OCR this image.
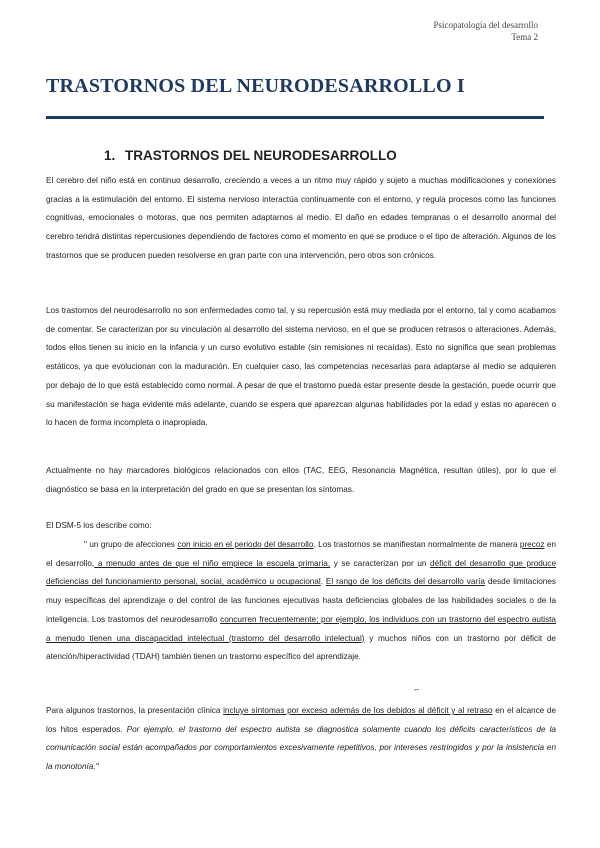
Psicopatología del desarrollo
Tema 2
TRASTORNOS DEL NEURODESARROLLO I
1. TRASTORNOS DEL NEURODESARROLLO

El cerebro del niño está en continuo desarrollo, creciendo a veces a un ritmo muy rápido y sujeto a muchas modificaciones y conexiones gracias a la estimulación del entorno. El sistema nervioso interactúa continuamente con el entorno, y regula procesos como las funciones cognitivas, emocionales o motoras, que nos permiten adaptarnos al medio. El daño en edades tempranas o el desarrollo anormal del cerebro tendrá distintas repercusiones dependiendo de factores como el momento en que se produce o el tipo de alteración. Algunos de los trastornos que se producen pueden resolverse en gran parte con una intervención, pero otros son crónicos.

Los trastornos del neurodesarrollo no son enfermedades como tal, y su repercusión está muy mediada por el entorno, tal y como acabamos de comentar. Se caracterizan por su vinculación al desarrollo del sistema nervioso, en el que se producen retrasos o alteraciones. Además, todos ellos tienen su inicio en la infancia y un curso evolutivo estable (sin remisiones ni recaídas). Esto no significa que sean problemas estáticos, ya que evolucionan con la maduración. En cualquier caso, las competencias necesarias para adaptarse al medio se adquieren por debajo de lo que está establecido como normal. A pesar de que el trastorno pueda estar presente desde la gestación, puede ocurrir que su manifestación se haga evidente más adelante, cuando se espera que aparezcan algunas habilidades por la edad y estas no aparecen o lo hacen de forma incompleta o inapropiada.

Actualmente no hay marcadores biológicos relacionados con ellos (TAC, EEG, Resonancia Magnética, resultan útiles), por lo que el diagnóstico se basa en la interpretación del grado en que se presentan los síntomas.

El DSM-5 los describe como:

" un grupo de afecciones con inicio en el periodo del desarrollo. Los trastornos se manifiestan normalmente de manera precoz en el desarrollo, a menudo antes de que el niño empiece la escuela primaria, y se caracterizan por un déficit del desarrollo que produce deficiencias del funcionamiento personal, social, académico u ocupacional. El rango de los déficits del desarrollo varía desde limitaciones muy específicas del aprendizaje o del control de las funciones ejecutivas hasta deficiencias globales de las habilidades sociales o de la inteligencia. Los trastornos del neurodesarrollo concurren frecuentemente; por ejemplo, los individuos con un trastorno del espectro autista a menudo tienen una discapacidad intelectual (trastorno del desarrollo intelectual) y muchos niños con un trastorno por déficit de atención/hiperactividad (TDAH) también tienen un trastorno específico del aprendizaje.

–

Para algunos trastornos, la presentación clínica incluye síntomas por exceso además de los debidos al déficit y al retraso en el alcance de los hitos esperados. Por ejemplo, el trastorno del espectro autista se diagnostica solamente cuando los déficits característicos de la comunicación social están acompañados por comportamientos excesivamente repetitivos, por intereses restringidos y por la insistencia en la monotonía."
